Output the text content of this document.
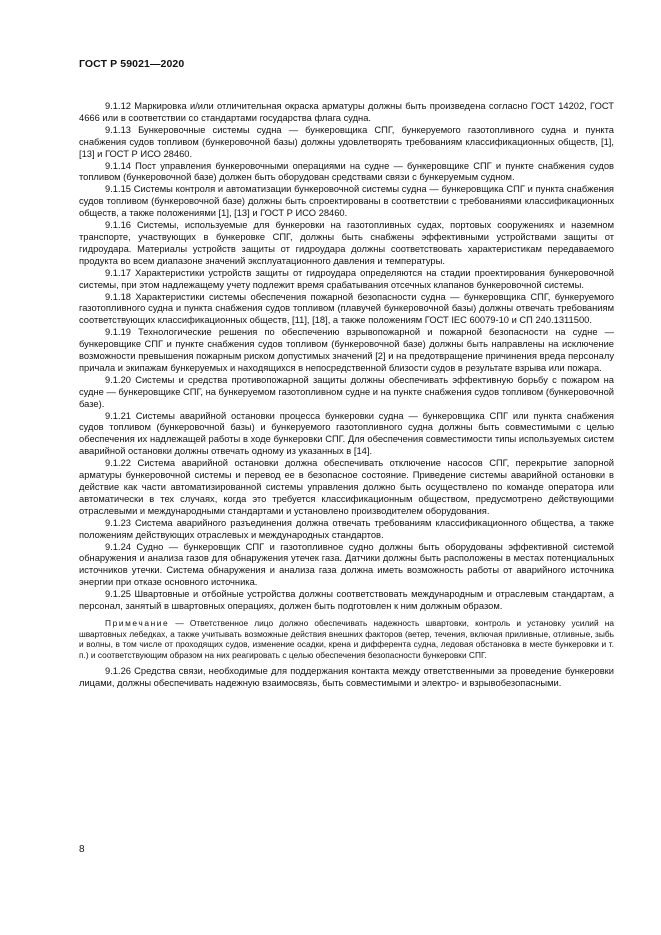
ГОСТ Р 59021—2020

9.1.12 Маркировка и/или отличительная окраска арматуры должны быть произведена согласно ГОСТ 14202, ГОСТ 4666 или в соответствии со стандартами государства флага судна.

9.1.13 Бункеровочные системы судна — бункеровщика СПГ, бункеруемого газотопливного судна и пункта снабжения судов топливом (бункеровочной базы) должны удовлетворять требованиям классификационных обществ, [1], [13] и ГОСТ Р ИСО 28460.

9.1.14 Пост управления бункеровочными операциями на судне — бункеровщике СПГ и пункте снабжения судов топливом (бункеровочной базе) должен быть оборудован средствами связи с бункеруемым судном.

9.1.15 Системы контроля и автоматизации бункеровочной системы судна — бункеровщика СПГ и пункта снабжения судов топливом (бункеровочной базе) должны быть спроектированы в соответствии с требованиями классификационных обществ, а также положениями [1], [13] и ГОСТ Р ИСО 28460.

9.1.16 Системы, используемые для бункеровки на газотопливных судах, портовых сооружениях и наземном транспорте, участвующих в бункеровке СПГ, должны быть снабжены эффективными устройствами защиты от гидроудара. Материалы устройств защиты от гидроудара должны соответствовать характеристикам передаваемого продукта во всем диапазоне значений эксплуатационного давления и температуры.

9.1.17 Характеристики устройств защиты от гидроудара определяются на стадии проектирования бункеровочной системы, при этом надлежащему учету подлежит время срабатывания отсечных клапанов бункеровочной системы.

9.1.18 Характеристики системы обеспечения пожарной безопасности судна — бункеровщика СПГ, бункеруемого газотопливного судна и пункта снабжения судов топливом (плавучей бункеровочной базы) должны отвечать требованиям соответствующих классификационных обществ, [11], [18], а также положениям ГОСТ IEC 60079-10 и СП 240.1311500.

9.1.19 Технологические решения по обеспечению взрывопожарной и пожарной безопасности на судне — бункеровщике СПГ и пункте снабжения судов топливом (бункеровочной базе) должны быть направлены на исключение возможности превышения пожарным риском допустимых значений [2] и на предотвращение причинения вреда персоналу причала и экипажам бункеруемых и находящихся в непосредственной близости судов в результате взрыва или пожара.

9.1.20 Системы и средства противопожарной защиты должны обеспечивать эффективную борьбу с пожаром на судне — бункеровщике СПГ, на бункеруемом газотопливном судне и на пункте снабжения судов топливом (бункеровочной базе).

9.1.21 Системы аварийной остановки процесса бункеровки судна — бункеровщика СПГ или пункта снабжения судов топливом (бункеровочной базы) и бункеруемого газотопливного судна должны быть совместимыми с целью обеспечения их надлежащей работы в ходе бункеровки СПГ. Для обеспечения совместимости типы используемых систем аварийной остановки должны отвечать одному из указанных в [14].

9.1.22 Система аварийной остановки должна обеспечивать отключение насосов СПГ, перекрытие запорной арматуры бункеровочной системы и перевод ее в безопасное состояние. Приведение системы аварийной остановки в действие как части автоматизированной системы управления должно быть осуществлено по команде оператора или автоматически в тех случаях, когда это требуется классификационным обществом, предусмотрено действующими отраслевыми и международными стандартами и установлено производителем оборудования.

9.1.23 Система аварийного разъединения должна отвечать требованиям классификационного общества, а также положениям действующих отраслевых и международных стандартов.

9.1.24 Судно — бункеровщик СПГ и газотопливное судно должны быть оборудованы эффективной системой обнаружения и анализа газов для обнаружения утечек газа. Датчики должны быть расположены в местах потенциальных источников утечки. Система обнаружения и анализа газа должна иметь возможность работы от аварийного источника энергии при отказе основного источника.

9.1.25 Швартовные и отбойные устройства должны соответствовать международным и отраслевым стандартам, а персонал, занятый в швартовных операциях, должен быть подготовлен к ним должным образом.

Примечание — Ответственное лицо должно обеспечивать надежность швартовки, контроль и установку усилий на швартовных лебедках, а также учитывать возможные действия внешних факторов (ветер, течения, включая приливные, отливные, зыбь и волны, в том числе от проходящих судов, изменение осадки, крена и дифферента судна, ледовая обстановка в месте бункеровки и т. п.) и соответствующим образом на них реагировать с целью обеспечения безопасности бункеровки СПГ.

9.1.26 Средства связи, необходимые для поддержания контакта между ответственными за проведение бункеровки лицами, должны обеспечивать надежную взаимосвязь, быть совместимыми и электро- и взрывобезопасными.

8
